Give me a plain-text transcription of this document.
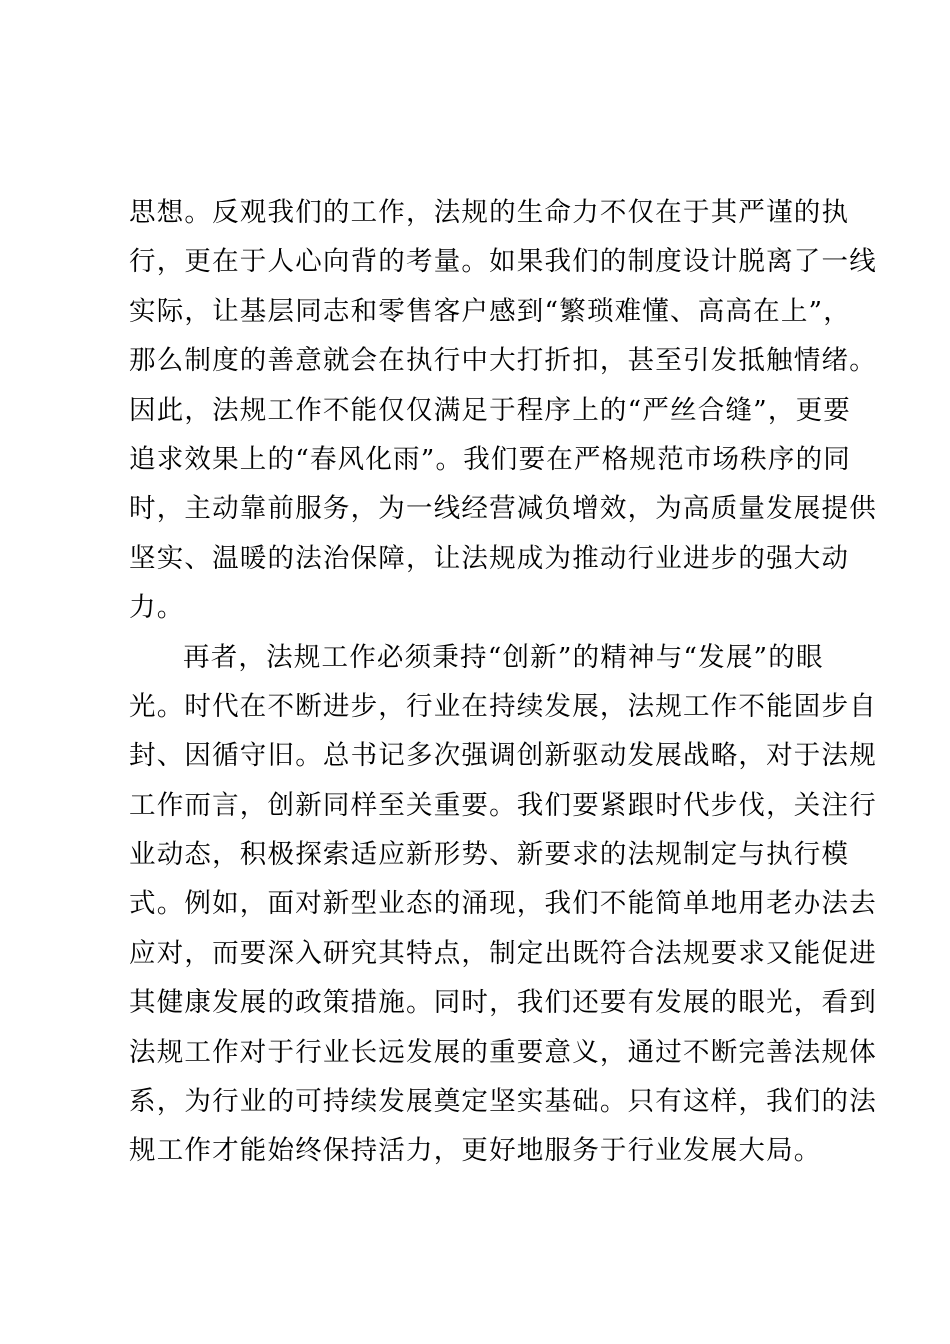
思想。反观我们的工作，法规的生命力不仅在于其严谨的执
行，更在于人心向背的考量。如果我们的制度设计脱离了一线
实际，让基层同志和零售客户感到“繁琐难懂、高高在上”，
那么制度的善意就会在执行中大打折扣，甚至引发抵触情绪。
因此，法规工作不能仅仅满足于程序上的“严丝合缝”，更要
追求效果上的“春风化雨”。我们要在严格规范市场秩序的同
时，主动靠前服务，为一线经营减负增效，为高质量发展提供
坚实、温暖的法治保障，让法规成为推动行业进步的强大动
力。
再者，法规工作必须秉持“创新”的精神与“发展”的眼
光。时代在不断进步，行业在持续发展，法规工作不能固步自
封、因循守旧。总书记多次强调创新驱动发展战略，对于法规
工作而言，创新同样至关重要。我们要紧跟时代步伐，关注行
业动态，积极探索适应新形势、新要求的法规制定与执行模
式。例如，面对新型业态的涌现，我们不能简单地用老办法去
应对，而要深入研究其特点，制定出既符合法规要求又能促进
其健康发展的政策措施。同时，我们还要有发展的眼光，看到
法规工作对于行业长远发展的重要意义，通过不断完善法规体
系，为行业的可持续发展奠定坚实基础。只有这样，我们的法
规工作才能始终保持活力，更好地服务于行业发展大局。
